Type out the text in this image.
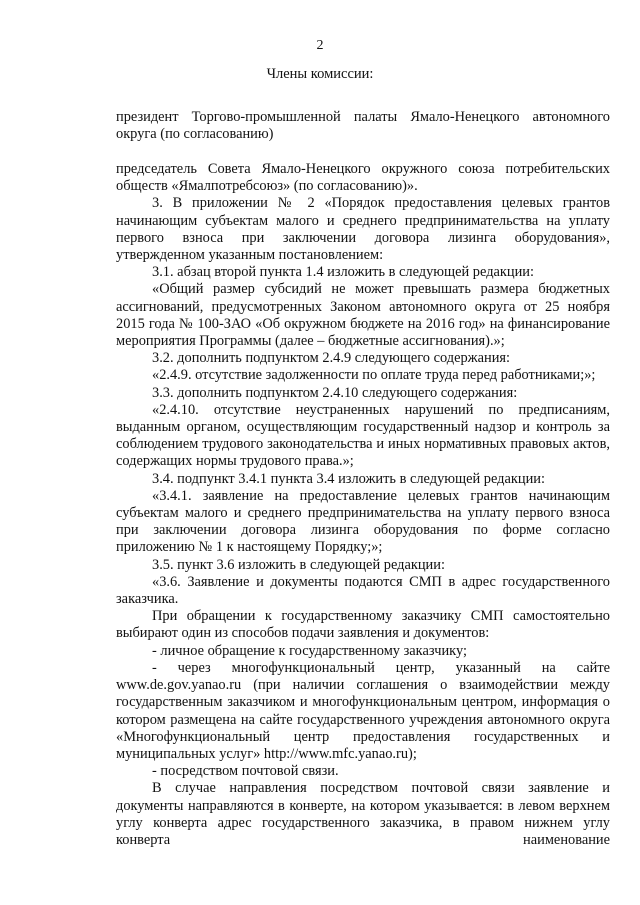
2
Члены комиссии:

президент Торгово-промышленной палаты Ямало-Ненецкого автономного округа (по согласованию)

председатель Совета Ямало-Ненецкого окружного союза потребительских обществ «Ямалпотребсоюз» (по согласованию)».

3. В приложении № 2 «Порядок предоставления целевых грантов начинающим субъектам малого и среднего предпринимательства на уплату первого взноса при заключении договора лизинга оборудования», утвержденном указанным постановлением:

3.1. абзац второй пункта 1.4 изложить в следующей редакции:

«Общий размер субсидий не может превышать размера бюджетных ассигнований, предусмотренных Законом автономного округа от 25 ноября 2015 года № 100-ЗАО «Об окружном бюджете на 2016 год» на финансирование мероприятия Программы (далее – бюджетные ассигнования).»;

3.2. дополнить подпунктом 2.4.9 следующего содержания:

«2.4.9. отсутствие задолженности по оплате труда перед работниками;»;

3.3. дополнить подпунктом 2.4.10 следующего содержания:

«2.4.10. отсутствие неустраненных нарушений по предписаниям, выданным органом, осуществляющим государственный надзор и контроль за соблюдением трудового законодательства и иных нормативных правовых актов, содержащих нормы трудового права.»;

3.4. подпункт 3.4.1 пункта 3.4 изложить в следующей редакции:

«3.4.1. заявление на предоставление целевых грантов начинающим субъектам малого и среднего предпринимательства на уплату первого взноса при заключении договора лизинга оборудования по форме согласно приложению № 1 к настоящему Порядку;»;

3.5. пункт 3.6 изложить в следующей редакции:

«3.6. Заявление и документы подаются СМП в адрес государственного заказчика.

При обращении к государственному заказчику СМП самостоятельно выбирают один из способов подачи заявления и документов:

- личное обращение к государственному заказчику;

- через многофункциональный центр, указанный на сайте www.de.gov.yanao.ru (при наличии соглашения о взаимодействии между государственным заказчиком и многофункциональным центром, информация о котором размещена на сайте государственного учреждения автономного округа «Многофункциональный центр предоставления государственных и муниципальных услуг» http://www.mfc.yanao.ru);

- посредством почтовой связи.

В случае направления посредством почтовой связи заявление и документы направляются в конверте, на котором указывается: в левом верхнем углу конверта адрес государственного заказчика, в правом нижнем углу конверта наименование
